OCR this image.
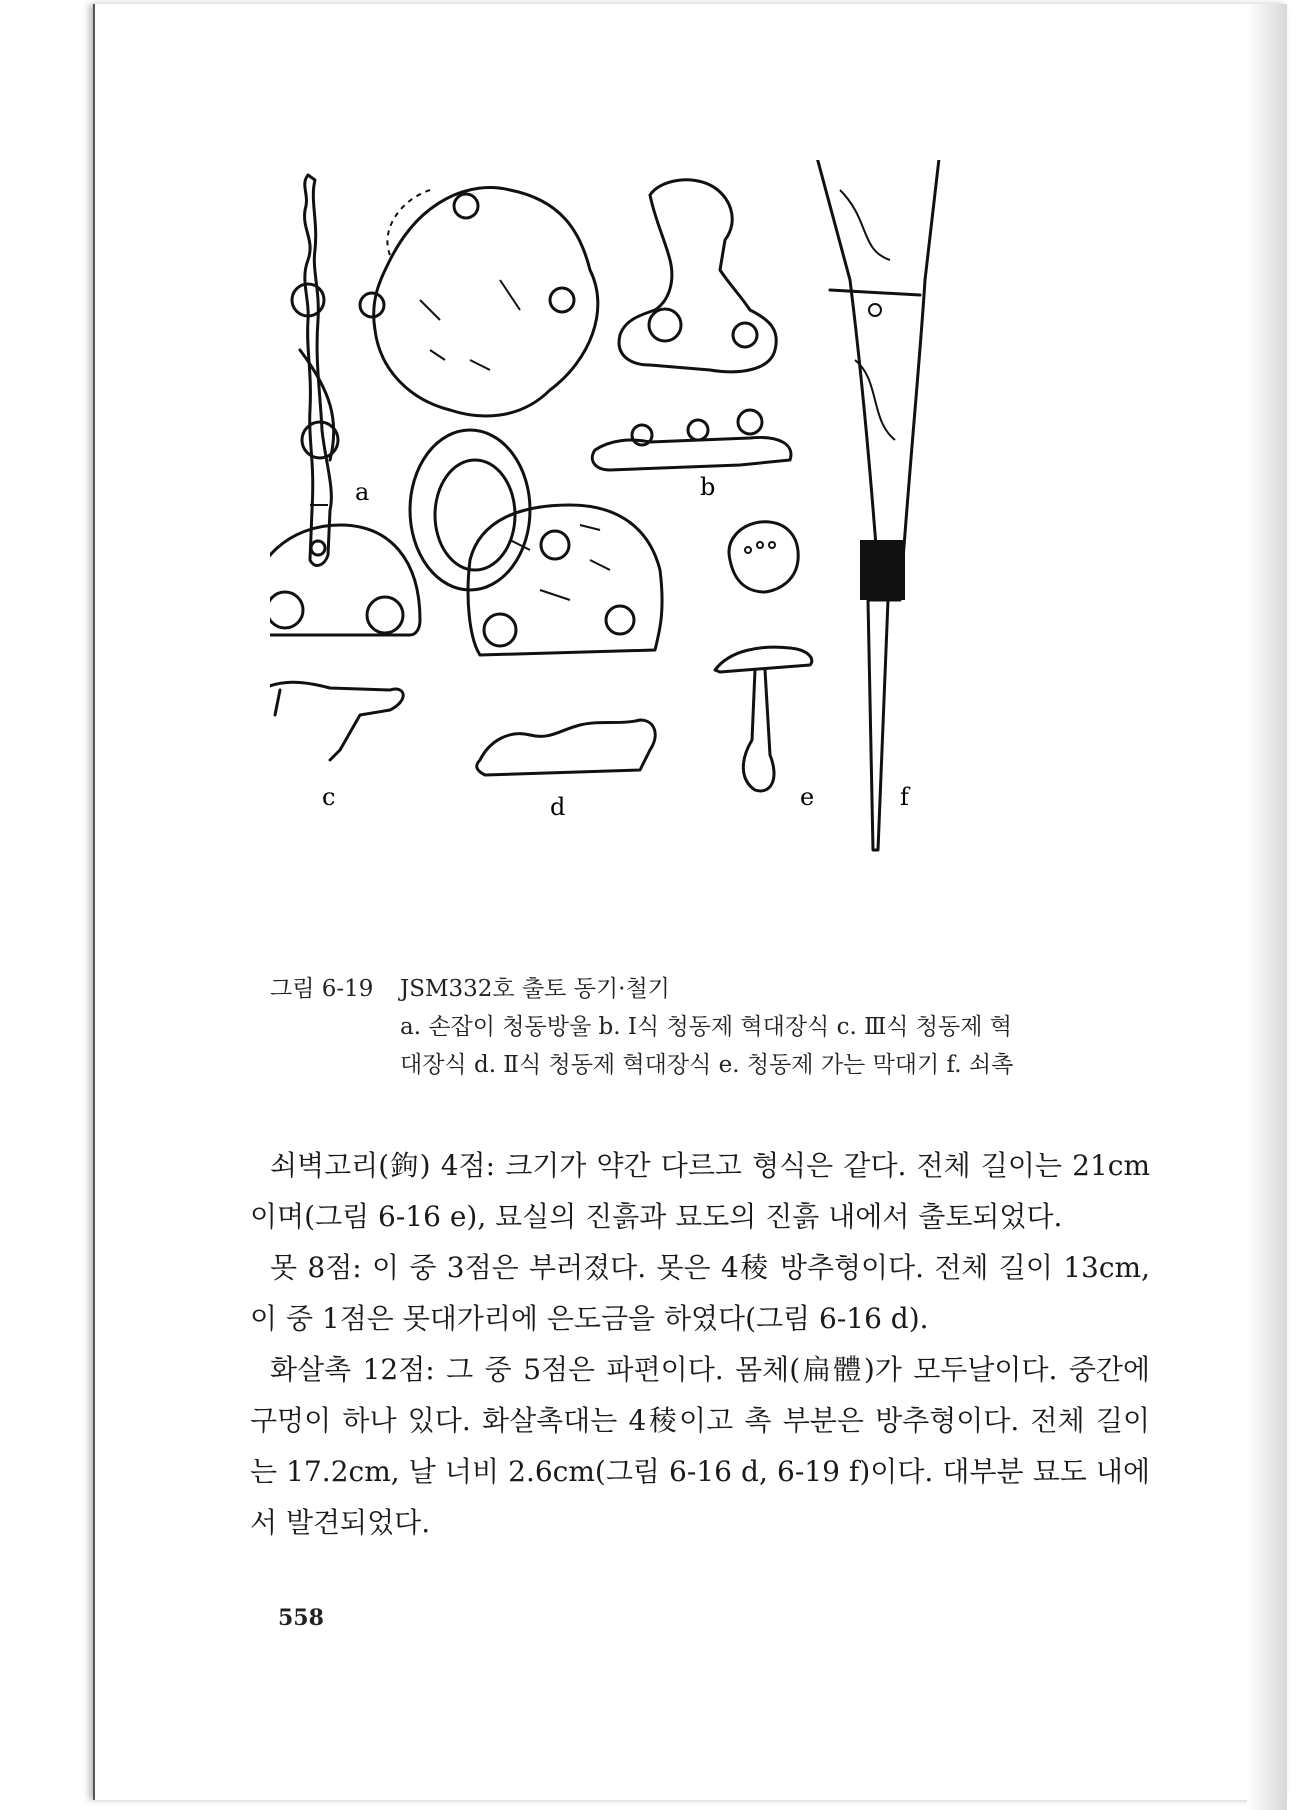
a	b
f
c	d	e
그림 6-19 JSM332호 출토 동기·철기
a. 손잡이 청동방울 b. Ⅰ식 청동제 혁대장식 c. Ⅲ식 청동제 혁
대장식 d. Ⅱ식 청동제 혁대장식 e. 청동제 가는 막대기 f. 쇠촉

쇠벽고리(鉤) 4점: 크기가 약간 다르고 형식은 같다. 전체 길이는 21cm이며(그림 6-16 e), 묘실의 진흙과 묘도의 진흙 내에서 출토되었다.

못 8점: 이 중 3점은 부러졌다. 못은 4稜 방추형이다. 전체 길이 13cm, 이 중 1점은 못대가리에 은도금을 하였다(그림 6-16 d).

화살촉 12점: 그 중 5점은 파편이다. 몸체(扁體)가 모두날이다. 중간에 구멍이 하나 있다. 화살촉대는 4稜이고 촉 부분은 방추형이다. 전체 길이는 17.2cm, 날 너비 2.6cm(그림 6-16 d, 6-19 f)이다. 대부분 묘도 내에서 발견되었다.

558
